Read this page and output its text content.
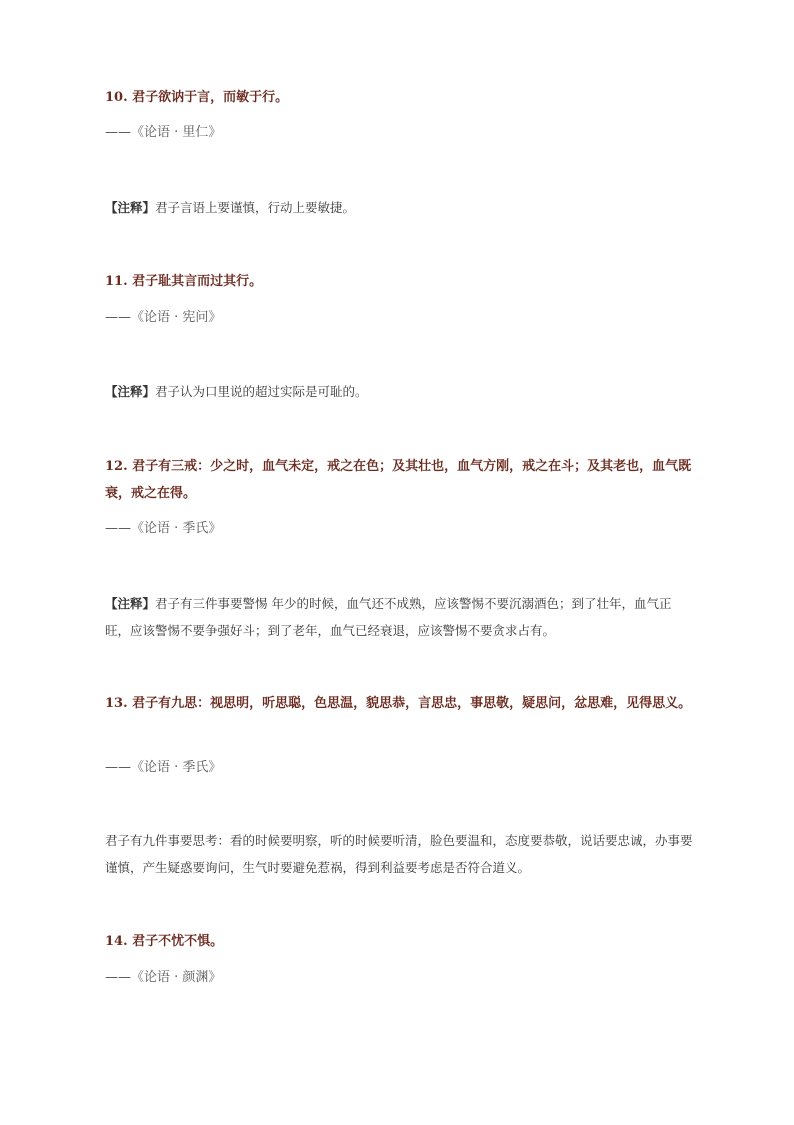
10. 君子欲讷于言，而敏于行。
——《论语 · 里仁》
【注释】君子言语上要谨慎，行动上要敏捷。
11. 君子耻其言而过其行。
——《论语 · 宪问》
【注释】君子认为口里说的超过实际是可耻的。
12. 君子有三戒：少之时，血气未定，戒之在色；及其壮也，血气方刚，戒之在斗；及其老也，血气既衰，戒之在得。
——《论语 · 季氏》
【注释】君子有三件事要警惕 年少的时候，血气还不成熟，应该警惕不要沉溺酒色；到了壮年，血气正旺，应该警惕不要争强好斗；到了老年，血气已经衰退，应该警惕不要贪求占有。
13. 君子有九思：视思明，听思聪，色思温，貌思恭，言思忠，事思敬，疑思问，忿思难，见得思义。
——《论语 · 季氏》
君子有九件事要思考：看的时候要明察，听的时候要听清，脸色要温和，态度要恭敬，说话要忠诚，办事要谨慎，产生疑惑要询问，生气时要避免惹祸，得到利益要考虑是否符合道义。
14. 君子不忧不惧。
——《论语 · 颜渊》
